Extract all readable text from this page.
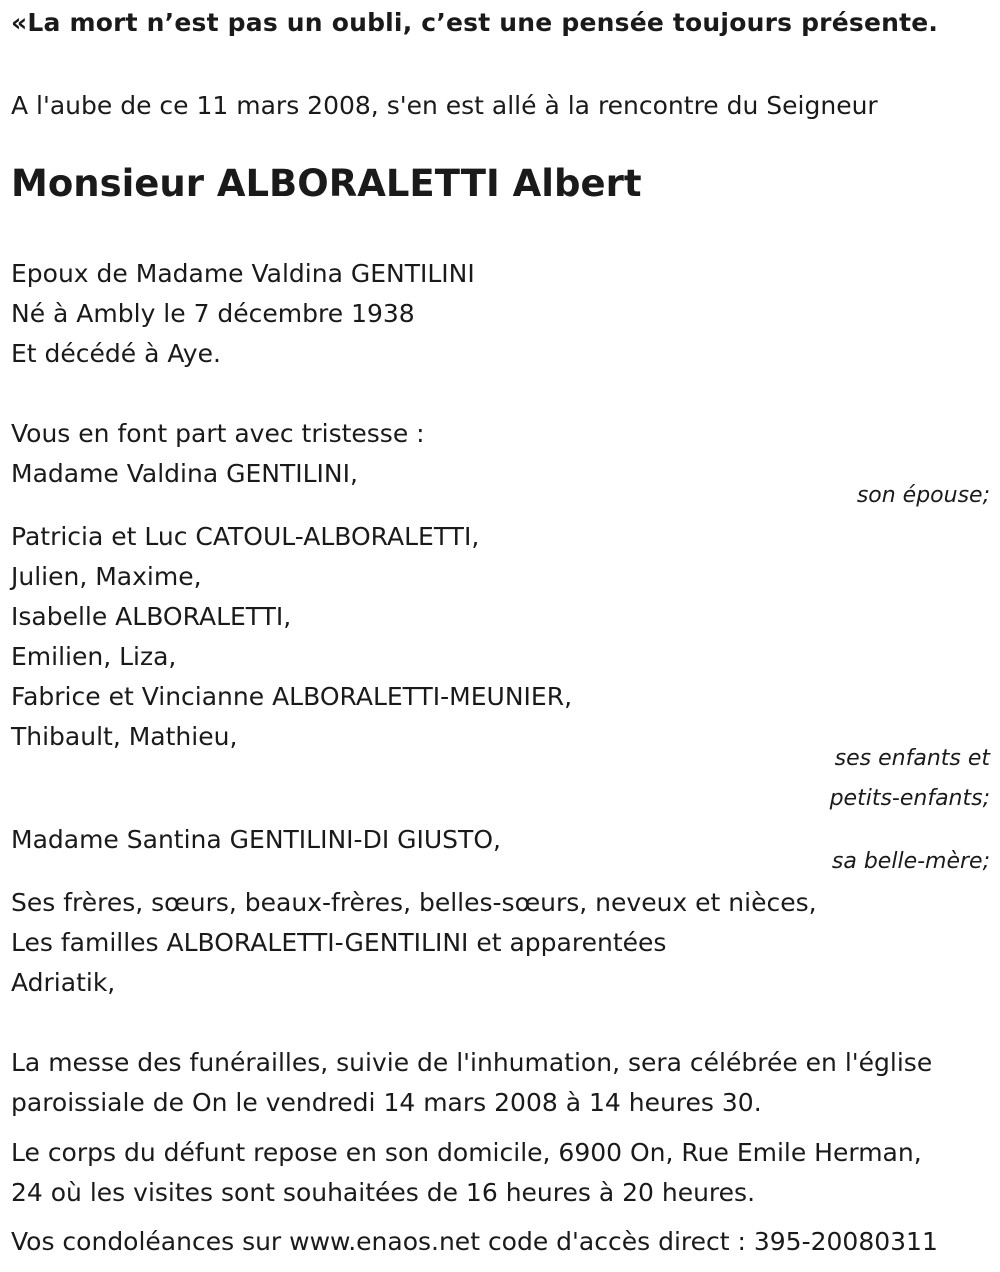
«La mort n’est pas un oubli, c’est une pensée toujours présente.
A l'aube de ce 11 mars 2008, s'en est allé à la rencontre du Seigneur
Monsieur ALBORALETTI Albert
Epoux de Madame Valdina GENTILINI
Né à Ambly le 7 décembre 1938
Et décédé à Aye.
Vous en font part avec tristesse :
Madame Valdina GENTILINI,
son épouse;
Patricia et Luc CATOUL-ALBORALETTI,
Julien, Maxime,
Isabelle ALBORALETTI,
Emilien, Liza,
Fabrice et Vincianne ALBORALETTI-MEUNIER,
Thibault, Mathieu,
ses enfants et
petits-enfants;
Madame Santina GENTILINI-DI GIUSTO,
sa belle-mère;
Ses frères, sœurs, beaux-frères, belles-sœurs, neveux et nièces,
Les familles ALBORALETTI-GENTILINI et apparentées
Adriatik,
La messe des funérailles, suivie de l'inhumation, sera célébrée en l'église
paroissiale de On le vendredi 14 mars 2008 à 14 heures 30.
Le corps du défunt repose en son domicile, 6900 On, Rue Emile Herman,
24 où les visites sont souhaitées de 16 heures à 20 heures.
Vos condoléances sur www.enaos.net code d'accès direct : 395-20080311
